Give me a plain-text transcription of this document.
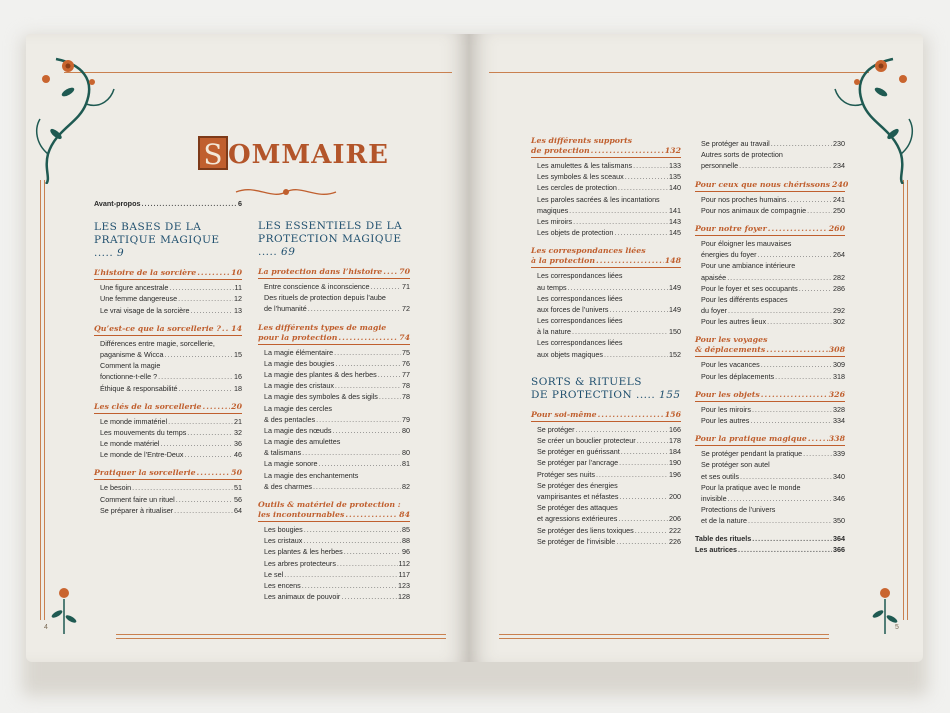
S OMMAIRE
Avant-propos .....	6
LES BASES DE LA
PRATIQUE MAGIQUE ..... 9
L’histoire de la sorcière .....	10
Une figure ancestrale .....	11
Une femme dangereuse .....	12
Le vrai visage de la sorcière .....	13
Qu’est-ce que la sorcellerie ? ..... 14
Différences entre magie, sorcellerie,
paganisme & Wicca .....	15
Comment la magie
fonctionne-t-elle ? .....	16
Éthique & responsabilité .....	18
Les clés de la sorcellerie .....	20
Le monde immatériel .....	21
Les mouvements du temps .....	32
Le monde matériel .....	36
Le monde de l’Entre-Deux .....	46
Pratiquer la sorcellerie .....	50
Le besoin .....	51
Comment faire un rituel .....	56
Se préparer à ritualiser .....	64
LES ESSENTIELS DE LA
PROTECTION MAGIQUE ..... 69
La protection dans l’histoire ..... 70
Entre conscience & inconscience .....	71
Des rituels de protection depuis l’aube
de l’humanité .....	72
Les différents types de magie
pour la protection .....	74
La magie élémentaire .....	75
La magie des bougies .....	76
La magie des plantes & des herbes .....	77
La magie des cristaux .....	78
La magie des symboles & des sigils .....	78
La magie des cercles
& des pentacles .....	79
La magie des nœuds .....	80
La magie des amulettes
& talismans .....	80
La magie sonore .....	81
La magie des enchantements
& des charmes .....	82
Outils & matériel de protection :
les incontournables .....	84
Les bougies .....	85
Les cristaux .....	88
Les plantes & les herbes .....	96
Les arbres protecteurs .....	112
Le sel .....	117
Les encens .....	123
Les animaux de pouvoir .....	128
4
Les différents supports
de protection .....	132
Les amulettes & les talismans .....	133
Les symboles & les sceaux .....	135
Les cercles de protection .....	140
Les paroles sacrées & les incantations
magiques .....	141
Les miroirs .....	143
Les objets de protection .....	145
Les correspondances liées
à la protection .....	148
Les correspondances liées
au temps .....	149
Les correspondances liées
aux forces de l’univers .....	149
Les correspondances liées
à la nature .....	150
Les correspondances liées
aux objets magiques .....	152
SORTS & RITUELS
DE PROTECTION ..... 155
Pour soi-même .....	156
Se protéger .....	166
Se créer un bouclier protecteur .....	178
Se protéger en guérissant .....	184
Se protéger par l’ancrage .....	190
Protéger ses nuits .....	196
Se protéger des énergies
vampirisantes et néfastes .....	200
Se protéger des attaques
et agressions extérieures .....	206
Se protéger des liens toxiques .....	222
Se protéger de l’invisible .....	226
Se protéger au travail .....	230
Autres sorts de protection
personnelle .....	234
Pour ceux que nous chérissons 240
Pour nos proches humains .....	241
Pour nos animaux de compagnie .....	250
Pour notre foyer .....	260
Pour éloigner les mauvaises
énergies du foyer .....	264
Pour une ambiance intérieure
apaisée .....	282
Pour le foyer et ses occupants .....	286
Pour les différents espaces
du foyer .....	292
Pour les autres lieux .....	302
Pour les voyages
& déplacements .....	308
Pour les vacances .....	309
Pour les déplacements .....	318
Pour les objets .....	326
Pour les miroirs .....	328
Pour les autres .....	334
Pour la pratique magique .....	338
Se protéger pendant la pratique .....	339
Se protéger son autel
et ses outils .....	340
Pour la pratique avec le monde
invisible .....	346
Protections de l’univers
et de la nature .....	350
Table des rituels .....	364
Les autrices .....	366
5
